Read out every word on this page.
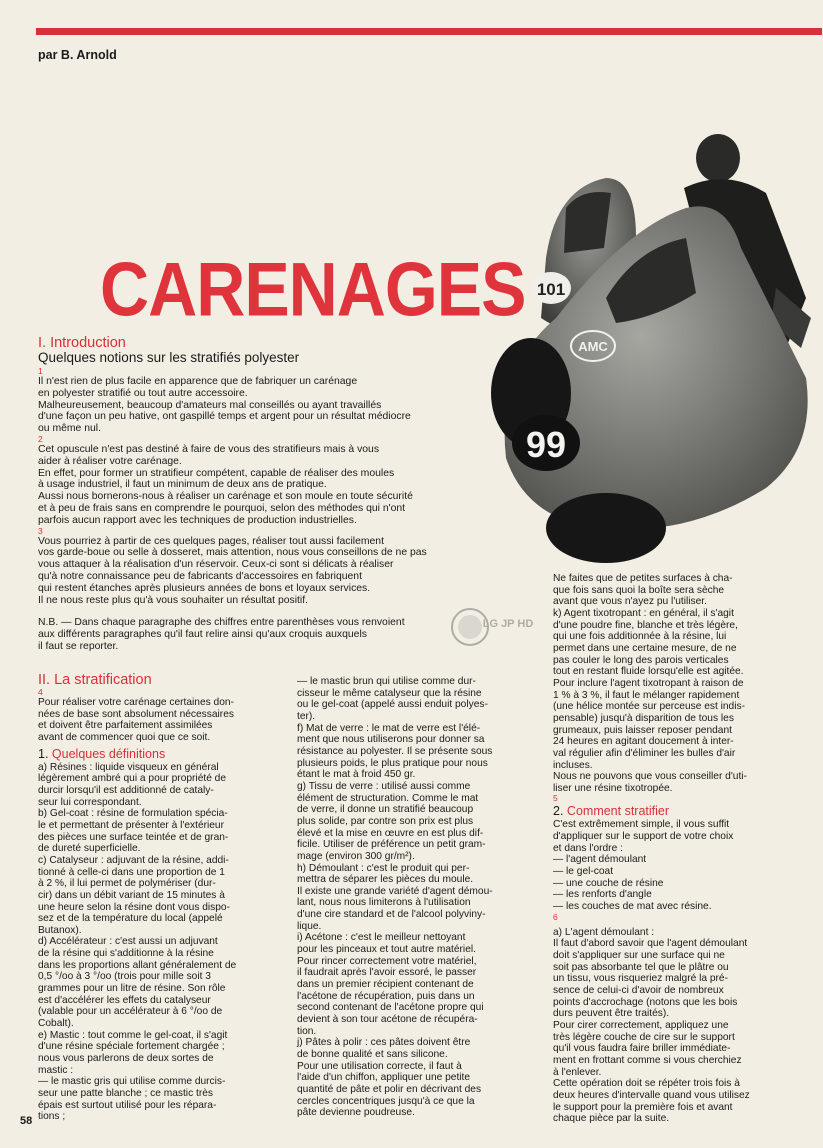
par B. Arnold
99
101
AMC
CARENAGES
I. Introduction
Quelques notions sur les stratifiés polyester
1

Il n'est rien de plus facile en apparence que de fabriquer un carénage

en polyester stratifié ou tout autre accessoire.

Malheureusement, beaucoup d'amateurs mal conseillés ou ayant travaillés

d'une façon un peu hative, ont gaspillé temps et argent pour un résultat médiocre

ou même nul.

2

Cet opuscule n'est pas destiné à faire de vous des stratifieurs mais à vous

aider à réaliser votre carénage.

En effet, pour former un stratifieur compétent, capable de réaliser des moules

à usage industriel, il faut un minimum de deux ans de pratique.

Aussi nous bornerons-nous à réaliser un carénage et son moule en toute sécurité

et à peu de frais sans en comprendre le pourquoi, selon des méthodes qui n'ont

parfois aucun rapport avec les techniques de production industrielles.

3

Vous pourriez à partir de ces quelques pages, réaliser tout aussi facilement

vos garde-boue ou selle à dosseret, mais attention, nous vous conseillons de ne pas

vous attaquer à la réalisation d'un réservoir. Ceux-ci sont si délicats à réaliser

qu'à notre connaissance peu de fabricants d'accessoires en fabriquent

qui restent étanches après plusieurs années de bons et loyaux services.

Il ne nous reste plus qu'à vous souhaiter un résultat positif.

N.B. — Dans chaque paragraphe des chiffres entre parenthèses vous renvoient

aux différents paragraphes qu'il faut relire ainsi qu'aux croquis auxquels

il faut se reporter.

LG JP HD
II. La stratification
4

Pour réaliser votre carénage certaines don-

nées de base sont absolument nécessaires

et doivent être parfaitement assimilées

avant de commencer quoi que ce soit.

1. Quelques définitions

a) Résines : liquide visqueux en général

légèrement ambré qui a pour propriété de

durcir lorsqu'il est additionné de cataly-

seur lui correspondant.

b) Gel-coat : résine de formulation spécia-

le et permettant de présenter à l'extérieur

des pièces une surface teintée et de gran-

de dureté superficielle.

c) Catalyseur : adjuvant de la résine, addi-

tionné à celle-ci dans une proportion de 1

à 2 %, il lui permet de polymériser (dur-

cir) dans un débit variant de 15 minutes à

une heure selon la résine dont vous dispo-

sez et de la température du local (appelé

Butanox).

d) Accélérateur : c'est aussi un adjuvant

de la résine qui s'additionne à la résine

dans les proportions allant généralement de

0,5 °/oo à 3 °/oo (trois pour mille soit 3

grammes pour un litre de résine. Son rôle

est d'accélérer les effets du catalyseur

(valable pour un accélérateur à 6 °/oo de

Cobalt).

e) Mastic : tout comme le gel-coat, il s'agit

d'une résine spéciale fortement chargée ;

nous vous parlerons de deux sortes de

mastic :

— le mastic gris qui utilise comme durcis-

seur une patte blanche ; ce mastic très

épais est surtout utilisé pour les répara-

tions ;

— le mastic brun qui utilise comme dur-

cisseur le même catalyseur que la résine

ou le gel-coat (appelé aussi enduit polyes-

ter).

f) Mat de verre : le mat de verre est l'élé-

ment que nous utiliserons pour donner sa

résistance au polyester. Il se présente sous

plusieurs poids, le plus pratique pour nous

étant le mat à froid 450 gr.

g) Tissu de verre : utilisé aussi comme

élément de structuration. Comme le mat

de verre, il donne un stratifié beaucoup

plus solide, par contre son prix est plus

élevé et la mise en œuvre en est plus dif-

ficile. Utiliser de préférence un petit gram-

mage (environ 300 gr/m²).

h) Démoulant : c'est le produit qui per-

mettra de séparer les pièces du moule.

Il existe une grande variété d'agent démou-

lant, nous nous limiterons à l'utilisation

d'une cire standard et de l'alcool polyviny-

lique.

i) Acétone : c'est le meilleur nettoyant

pour les pinceaux et tout autre matériel.

Pour rincer correctement votre matériel,

il faudrait après l'avoir essoré, le passer

dans un premier récipient contenant de

l'acétone de récupération, puis dans un

second contenant de l'acétone propre qui

devient à son tour acétone de récupéra-

tion.

j) Pâtes à polir : ces pâtes doivent être

de bonne qualité et sans silicone.

Pour une utilisation correcte, il faut à

l'aide d'un chiffon, appliquer une petite

quantité de pâte et polir en décrivant des

cercles concentriques jusqu'à ce que la

pâte devienne poudreuse.

Ne faites que de petites surfaces à cha-

que fois sans quoi la boîte sera sèche

avant que vous n'ayez pu l'utiliser.

k) Agent tixotropant : en général, il s'agit

d'une poudre fine, blanche et très légère,

qui une fois additionnée à la résine, lui

permet dans une certaine mesure, de ne

pas couler le long des parois verticales

tout en restant fluide lorsqu'elle est agitée.

Pour inclure l'agent tixotropant à raison de

1 % à 3 %, il faut le mélanger rapidement

(une hélice montée sur perceuse est indis-

pensable) jusqu'à disparition de tous les

grumeaux, puis laisser reposer pendant

24 heures en agitant doucement à inter-

val régulier afin d'éliminer les bulles d'air

incluses.

Nous ne pouvons que vous conseiller d'uti-

liser une résine tixotropée.

5

2. Comment stratifier

C'est extrêmement simple, il vous suffit

d'appliquer sur le support de votre choix

et dans l'ordre :

— l'agent démoulant

— le gel-coat

— une couche de résine

— les renforts d'angle

— les couches de mat avec résine.

6

a) L'agent démoulant :

Il faut d'abord savoir que l'agent démoulant

doit s'appliquer sur une surface qui ne

soit pas absorbante tel que le plâtre ou

un tissu, vous risqueriez malgré la pré-

sence de celui-ci d'avoir de nombreux

points d'accrochage (notons que les bois

durs peuvent être traités).

Pour cirer correctement, appliquez une

très légère couche de cire sur le support

qu'il vous faudra faire briller immédiate-

ment en frottant comme si vous cherchiez

à l'enlever.

Cette opération doit se répéter trois fois à

deux heures d'intervalle quand vous utilisez

le support pour la première fois et avant

chaque pièce par la suite.

58
